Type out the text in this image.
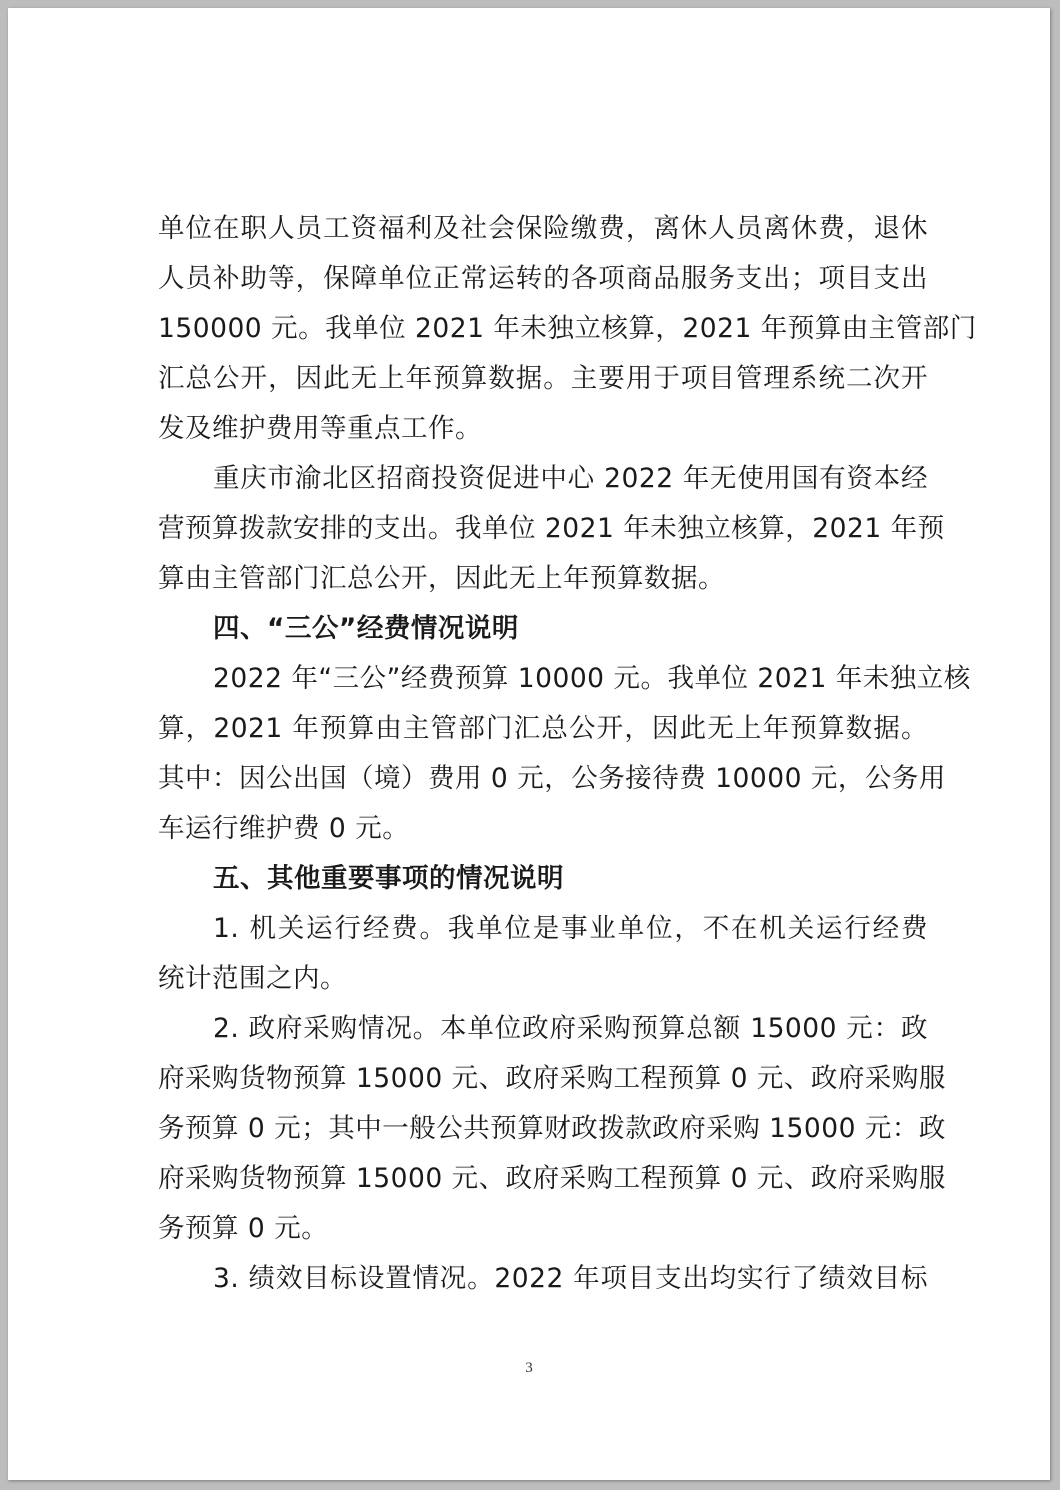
单位在职人员工资福利及社会保险缴费，离休人员离休费，退休
人员补助等，保障单位正常运转的各项商品服务支出；项目支出
150000 元。我单位 2021 年未独立核算，2021 年预算由主管部门
汇总公开，因此无上年预算数据。主要用于项目管理系统二次开
发及维护费用等重点工作。
重庆市渝北区招商投资促进中心 2022 年无使用国有资本经
营预算拨款安排的支出。我单位 2021 年未独立核算，2021 年预
算由主管部门汇总公开，因此无上年预算数据。
四、“三公”经费情况说明
2022 年“三公”经费预算 10000 元。我单位 2021 年未独立核
算，2021 年预算由主管部门汇总公开，因此无上年预算数据。
其中：因公出国（境）费用 0 元，公务接待费 10000 元，公务用
车运行维护费 0 元。
五、其他重要事项的情况说明
1. 机关运行经费。我单位是事业单位，不在机关运行经费
统计范围之内。
2. 政府采购情况。本单位政府采购预算总额 15000 元：政
府采购货物预算 15000 元、政府采购工程预算 0 元、政府采购服
务预算 0 元；其中一般公共预算财政拨款政府采购 15000 元：政
府采购货物预算 15000 元、政府采购工程预算 0 元、政府采购服
务预算 0 元。
3. 绩效目标设置情况。2022 年项目支出均实行了绩效目标
3
